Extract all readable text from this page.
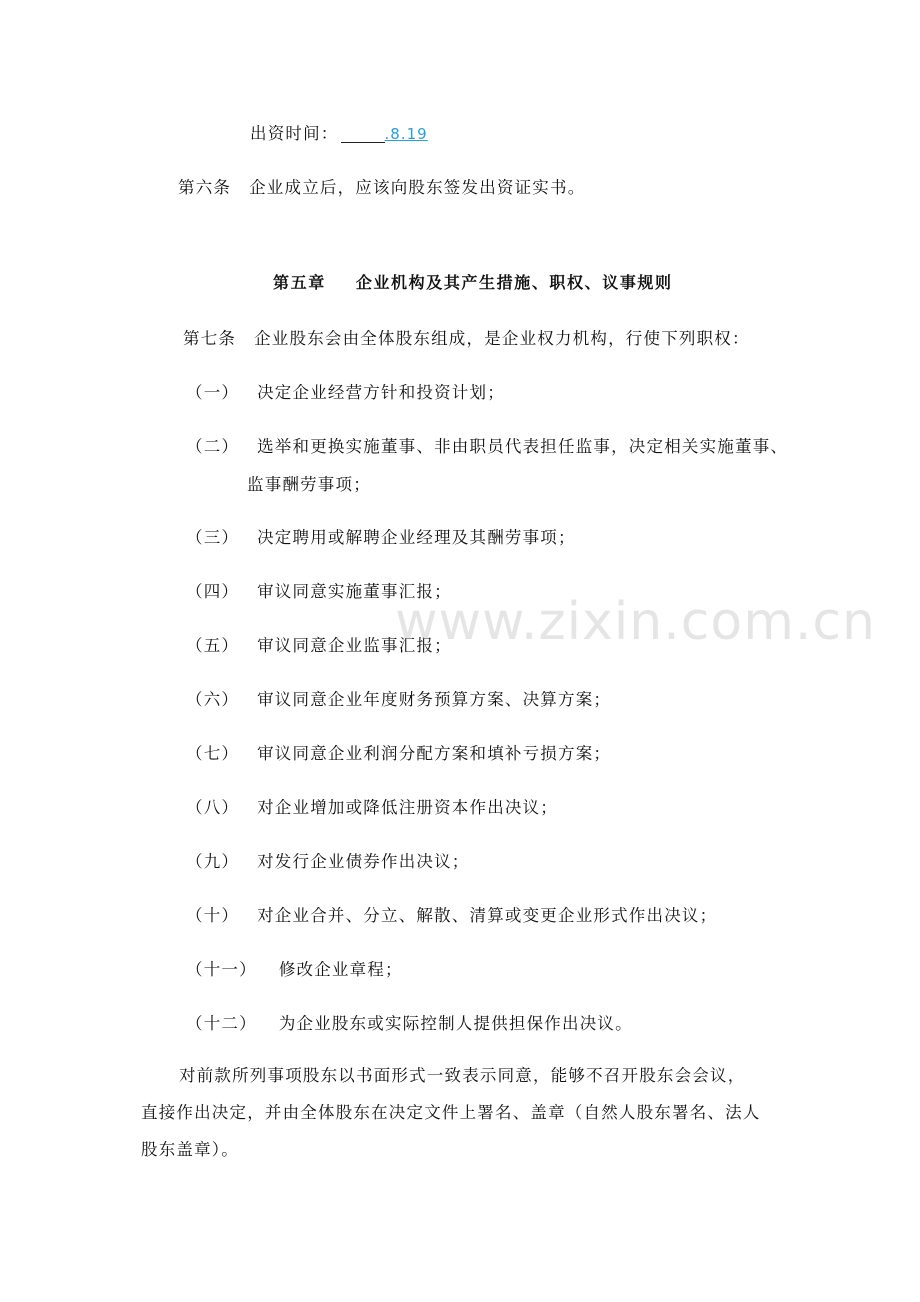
出资时间：	.8.19
第六条 企业成立后，应该向股东签发出资证实书。
第五章 企业机构及其产生措施、职权、议事规则
第七条 企业股东会由全体股东组成，是企业权力机构，行使下列职权：
（一） 决定企业经营方针和投资计划；
（二） 选举和更换实施董事、非由职员代表担任监事，决定相关实施董事、
监事酬劳事项；
（三） 决定聘用或解聘企业经理及其酬劳事项；
（四） 审议同意实施董事汇报；
（五） 审议同意企业监事汇报；
（六） 审议同意企业年度财务预算方案、决算方案；
（七） 审议同意企业利润分配方案和填补亏损方案；
（八） 对企业增加或降低注册资本作出决议；
（九） 对发行企业债券作出决议；
（十） 对企业合并、分立、解散、清算或变更企业形式作出决议；
（十一） 修改企业章程；
（十二） 为企业股东或实际控制人提供担保作出决议。
对前款所列事项股东以书面形式一致表示同意，能够不召开股东会会议，
直接作出决定，并由全体股东在决定文件上署名、盖章（自然人股东署名、法人
股东盖章）。
www.zixin.com.cn
